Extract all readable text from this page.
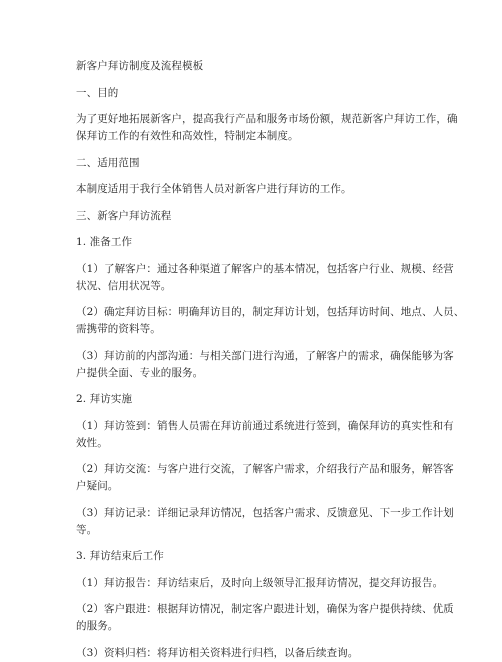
新客户拜访制度及流程模板

一、目的

为了更好地拓展新客户，提高我行产品和服务市场份额，规范新客户拜访工作，确

保拜访工作的有效性和高效性，特制定本制度。

二、适用范围

本制度适用于我行全体销售人员对新客户进行拜访的工作。

三、新客户拜访流程

1. 准备工作

（1）了解客户：通过各种渠道了解客户的基本情况，包括客户行业、规模、经营

状况、信用状况等。

（2）确定拜访目标：明确拜访目的，制定拜访计划，包括拜访时间、地点、人员、

需携带的资料等。

（3）拜访前的内部沟通：与相关部门进行沟通，了解客户的需求，确保能够为客

户提供全面、专业的服务。

2. 拜访实施

（1）拜访签到：销售人员需在拜访前通过系统进行签到，确保拜访的真实性和有

效性。

（2）拜访交流：与客户进行交流，了解客户需求，介绍我行产品和服务，解答客

户疑问。

（3）拜访记录：详细记录拜访情况，包括客户需求、反馈意见、下一步工作计划

等。

3. 拜访结束后工作

（1）拜访报告：拜访结束后，及时向上级领导汇报拜访情况，提交拜访报告。

（2）客户跟进：根据拜访情况，制定客户跟进计划，确保为客户提供持续、优质

的服务。

（3）资料归档：将拜访相关资料进行归档，以备后续查询。
